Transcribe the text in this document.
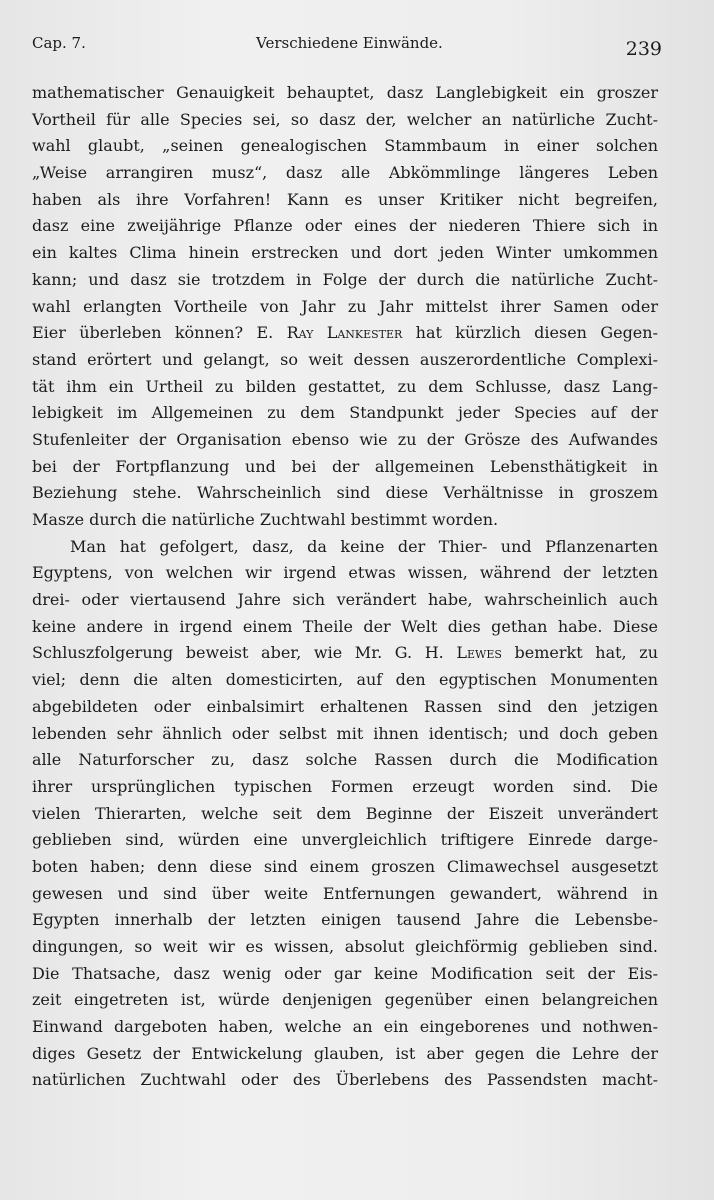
Cap. 7.	Verschiedene Einwände.	239
mathematischer Genauigkeit behauptet, dasz Langlebigkeit ein groszer
Vortheil für alle Species sei, so dasz der, welcher an natürliche Zucht-
wahl glaubt, „seinen genealogischen Stammbaum in einer solchen
„Weise arrangiren musz“, dasz alle Abkömmlinge längeres Leben
haben als ihre Vorfahren! Kann es unser Kritiker nicht begreifen,
dasz eine zweijährige Pflanze oder eines der niederen Thiere sich in
ein kaltes Clima hinein erstrecken und dort jeden Winter umkommen
kann; und dasz sie trotzdem in Folge der durch die natürliche Zucht-
wahl erlangten Vortheile von Jahr zu Jahr mittelst ihrer Samen oder
Eier überleben können? E. Ray Lankester hat kürzlich diesen Gegen-
stand erörtert und gelangt, so weit dessen auszerordentliche Complexi-
tät ihm ein Urtheil zu bilden gestattet, zu dem Schlusse, dasz Lang-
lebigkeit im Allgemeinen zu dem Standpunkt jeder Species auf der
Stufenleiter der Organisation ebenso wie zu der Grösze des Aufwandes
bei der Fortpflanzung und bei der allgemeinen Lebensthätigkeit in
Beziehung stehe. Wahrscheinlich sind diese Verhältnisse in groszem
Masze durch die natürliche Zuchtwahl bestimmt worden.
Man hat gefolgert, dasz, da keine der Thier- und Pflanzenarten
Egyptens, von welchen wir irgend etwas wissen, während der letzten
drei- oder viertausend Jahre sich verändert habe, wahrscheinlich auch
keine andere in irgend einem Theile der Welt dies gethan habe. Diese
Schluszfolgerung beweist aber, wie Mr. G. H. Lewes bemerkt hat, zu
viel; denn die alten domesticirten, auf den egyptischen Monumenten
abgebildeten oder einbalsimirt erhaltenen Rassen sind den jetzigen
lebenden sehr ähnlich oder selbst mit ihnen identisch; und doch geben
alle Naturforscher zu, dasz solche Rassen durch die Modification
ihrer ursprünglichen typischen Formen erzeugt worden sind. Die
vielen Thierarten, welche seit dem Beginne der Eiszeit unverändert
geblieben sind, würden eine unvergleichlich triftigere Einrede darge-
boten haben; denn diese sind einem groszen Climawechsel ausgesetzt
gewesen und sind über weite Entfernungen gewandert, während in
Egypten innerhalb der letzten einigen tausend Jahre die Lebensbe-
dingungen, so weit wir es wissen, absolut gleichförmig geblieben sind.
Die Thatsache, dasz wenig oder gar keine Modification seit der Eis-
zeit eingetreten ist, würde denjenigen gegenüber einen belangreichen
Einwand dargeboten haben, welche an ein eingeborenes und nothwen-
diges Gesetz der Entwickelung glauben, ist aber gegen die Lehre der
natürlichen Zuchtwahl oder des Überlebens des Passendsten macht-
